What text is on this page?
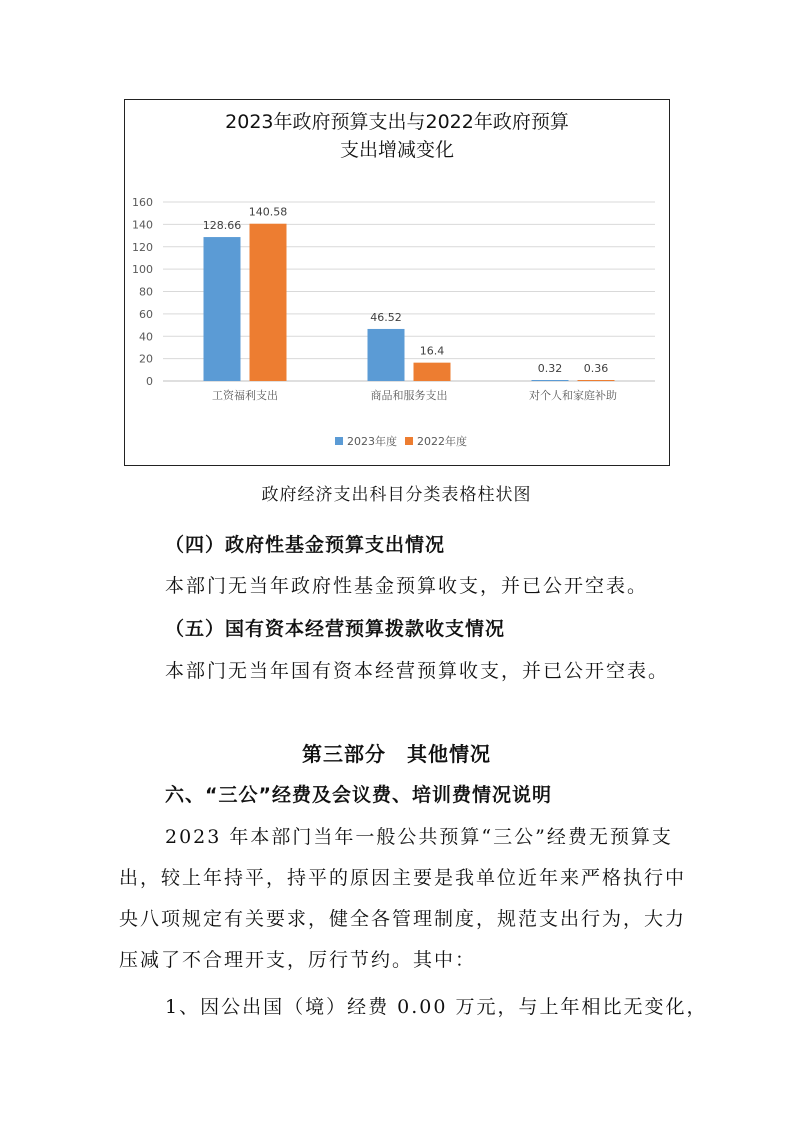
2023年政府预算支出与2022年政府预算
支出增减变化
0
20
40
60
80
100
120
140
160
128.66
140.58
工资福利支出
46.52
16.4
商品和服务支出
0.32 0.36
对个人和家庭补助
2023年度 2022年度
政府经济支出科目分类表格柱状图
（四）政府性基金预算支出情况
本部门无当年政府性基金预算收支，并已公开空表。
（五）国有资本经营预算拨款收支情况
本部门无当年国有资本经营预算收支，并已公开空表。
第三部分　其他情况
六、“三公”经费及会议费、培训费情况说明
2023 年本部门当年一般公共预算“三公”经费无预算支
出，较上年持平，持平的原因主要是我单位近年来严格执行中
央八项规定有关要求，健全各管理制度，规范支出行为，大力
压减了不合理开支，厉行节约。其中：
1、因公出国（境）经费 0.00 万元，与上年相比无变化，
